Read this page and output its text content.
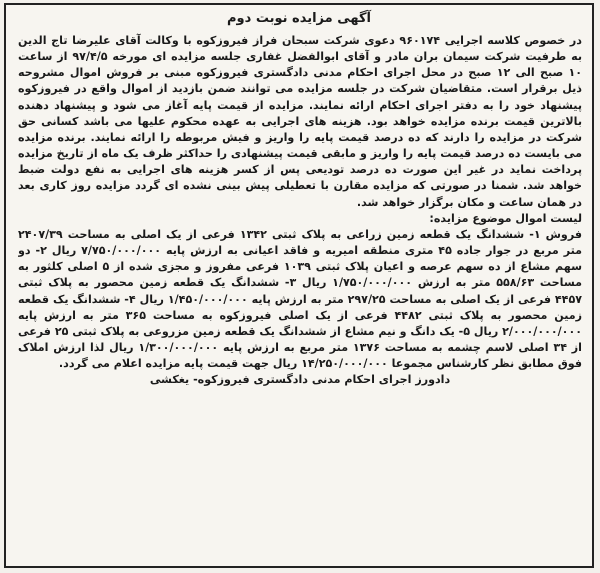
آگهی مزایده نوبت دوم

در خصوص کلاسه اجرایی ۹۶۰۱۷۴ دعوی شرکت سبحان فراز فیروزکوه با وکالت آقای علیرضا تاج الدین به طرفیت شرکت سیمان بران مادر و آقای ابوالفضل غفاری جلسه مزایده ای مورخه ۹۷/۴/۵ از ساعت ۱۰ صبح الی ۱۲ صبح در محل اجرای احکام مدنی دادگستری فیروزکوه مبنی بر فروش اموال مشروحه ذیل برقرار است. متقاضیان شرکت در جلسه مزایده می توانند ضمن بازدید از اموال واقع در فیروزکوه پیشنهاد خود را به دفتر اجرای احکام ارائه نمایند. مزایده از قیمت پایه آغاز می شود و پیشنهاد دهنده بالاترین قیمت برنده مزایده خواهد بود. هزینه های اجرایی به عهده محکوم علیها می باشد کسانی حق شرکت در مزایده را دارند که ده درصد قیمت پایه را واریز و فیش مربوطه را ارائه نمایند. برنده مزایده می بایست ده درصد قیمت پایه را واریز و مابقی قیمت پیشنهادی را حداکثر ظرف یک ماه از تاریخ مزایده پرداخت نماید در غیر این صورت ده درصد تودیعی پس از کسر هزینه های اجرایی به نفع دولت ضبط خواهد شد. شمنا در صورتی که مزایده مقارن با تعطیلی پیش بینی نشده ای گردد مزایده روز کاری بعد در همان ساعت و مکان برگزار خواهد شد.

لیست اموال موضوع مزایده:

فروش ۱- ششدانگ یک قطعه زمین زراعی به پلاک ثبتی ۱۳۴۲ فرعی از یک اصلی به مساحت ۲۴۰۷/۳۹ متر مربع در جوار جاده ۴۵ متری منطقه امیریه و فاقد اعیانی به ارزش پایه ۷/۷۵۰/۰۰۰/۰۰۰ ریال ۲- دو سهم مشاع از ده سهم عرصه و اعیان پلاک ثبتی ۱۰۳۹ فرعی مفروز و مجزی شده از ۵ اصلی کلثور به مساحت ۵۵۸/۶۳ متر به ارزش ۱/۷۵۰/۰۰۰/۰۰۰ ریال ۳- ششدانگ یک قطعه زمین محصور به پلاک ثبتی ۴۴۵۷ فرعی از یک اصلی به مساحت ۲۹۷/۲۵ متر به ارزش پایه ۱/۴۵۰/۰۰۰/۰۰۰ ریال ۴- ششدانگ یک قطعه زمین محصور به پلاک ثبتی ۴۴۸۲ فرعی از یک اصلی فیروزکوه به مساحت ۳۶۵ متر به ارزش پایه ۲/۰۰۰/۰۰۰/۰۰۰ ریال ۵- یک دانگ و نیم مشاع از ششدانگ یک قطعه زمین مزروعی به پلاک ثبتی ۲۵ فرعی از ۳۴ اصلی لاسم چشمه به مساحت ۱۳۷۶ متر مربع به ارزش پایه ۱/۳۰۰/۰۰۰/۰۰۰ ریال لذا ارزش املاک فوق مطابق نظر کارشناس مجموعا ۱۴/۲۵۰/۰۰۰/۰۰۰ ریال جهت قیمت پایه مزایده اعلام می گردد.

دادورز اجرای احکام مدنی دادگستری فیروزکوه- یغکشی
